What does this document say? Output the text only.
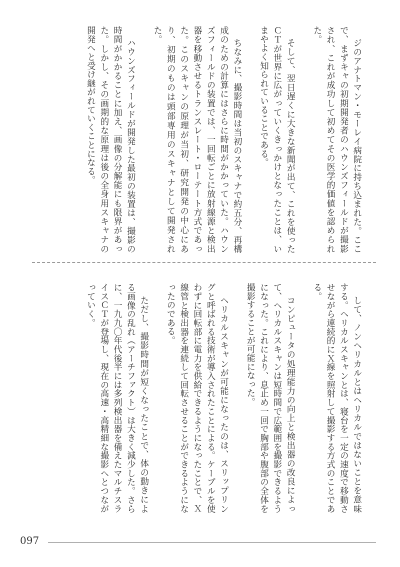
ジのアナトマン・モーレイ病院に持ち込まれた。ここで、まずキャの初期開発者のハウンズフィールドが撮影され、これが成功して初めてその医学的価値を認められた。

そして、翌日遅くに大きな新聞が出て、これを使ったＣＴが世界に広がっていくきっかけとなったことは、いまやよく知られていることである。

ちなみに、撮影時間は当初のスキャナで約五分、再構成のための計算にはさらに時間がかかっていた。ハウンズフィールドの装置では、一回転ごとに放射線源と検出器を移動させるトランスレート・ローテート方式であった。このスキャンの原理が当初、研究開発の中心にあり、初期のものは頭部専用のスキャナとして開発された。

ハウンズフィールドが開発した最初の装置は、撮影の時間がかかることに加え、画像の分解能にも限界があった。しかし、その画期的な原理は後の全身用スキャナの開発へと受け継がれていくことになる。

して、ノンヘリカルとはヘリカルではないことを意味する。ヘリカルスキャンとは、寝台を一定の速度で移動させながら連続的にＸ線を照射して撮影する方式のことである。

コンピュータの処理能力の向上と検出器の改良によって、ヘリカルスキャンは短時間で広範囲を撮影できるようになった。これにより、息止め一回で胸部や腹部の全体を撮影することが可能になった。

ヘリカルスキャンが可能になったのは、スリップリングと呼ばれる技術が導入されたことによる。ケーブルを使わずに回転部に電力を供給できるようになったことで、Ｘ線管と検出器を連続して回転させることができるようになったのである。

ただし、撮影時間が短くなったことで、体の動きによる画像の乱れ（アーチファクト）は大きく減少した。さらに、一九九〇年代後半には多列検出器を備えたマルチスライスＣＴが登場し、現在の高速・高精細な撮影へとつながっていく。

097
